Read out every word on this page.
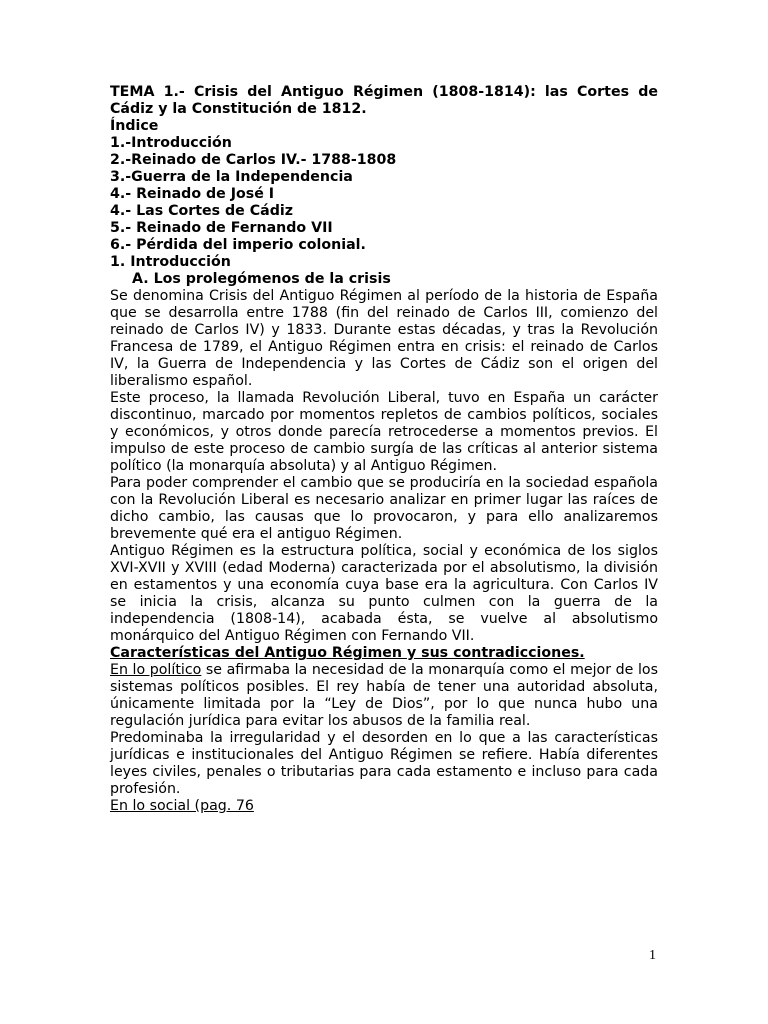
TEMA 1.- Crisis del Antiguo Régimen (1808-1814): las Cortes de Cádiz y la Constitución de 1812.

Índice

1.-Introducción

2.-Reinado de Carlos IV.- 1788-1808

3.-Guerra de la Independencia

4.- Reinado de José I

4.- Las Cortes de Cádiz

5.- Reinado de Fernando VII

6.- Pérdida del imperio colonial.

1. Introducción

A. Los prolegómenos de la crisis

Se denomina Crisis del Antiguo Régimen al período de la historia de España que se desarrolla entre 1788 (fin del reinado de Carlos III, comienzo del reinado de Carlos IV) y 1833. Durante estas décadas, y tras la Revolución Francesa de 1789, el Antiguo Régimen entra en crisis: el reinado de Carlos IV, la Guerra de Independencia y las Cortes de Cádiz son el origen del liberalismo español.

Este proceso, la llamada Revolución Liberal, tuvo en España un carácter discontinuo, marcado por momentos repletos de cambios políticos, sociales y económicos, y otros donde parecía retrocederse a momentos previos. El impulso de este proceso de cambio surgía de las críticas al anterior sistema político (la monarquía absoluta) y al Antiguo Régimen.

Para poder comprender el cambio que se produciría en la sociedad española con la Revolución Liberal es necesario analizar en primer lugar las raíces de dicho cambio, las causas que lo provocaron, y para ello analizaremos brevemente qué era el antiguo Régimen.

Antiguo Régimen es la estructura política, social y económica de los siglos XVI-XVII y XVIII (edad Moderna) caracterizada por el absolutismo, la división en estamentos y una economía cuya base era la agricultura. Con Carlos IV se inicia la crisis, alcanza su punto culmen con la guerra de la independencia (1808-14), acabada ésta, se vuelve al absolutismo monárquico del Antiguo Régimen con Fernando VII.

Características del Antiguo Régimen y sus contradicciones.

En lo político se afirmaba la necesidad de la monarquía como el mejor de los sistemas políticos posibles. El rey había de tener una autoridad absoluta, únicamente limitada por la “Ley de Dios”, por lo que nunca hubo una regulación jurídica para evitar los abusos de la familia real.

Predominaba la irregularidad y el desorden en lo que a las características jurídicas e institucionales del Antiguo Régimen se refiere. Había diferentes leyes civiles, penales o tributarias para cada estamento e incluso para cada profesión.

En lo social (pag. 76

1
